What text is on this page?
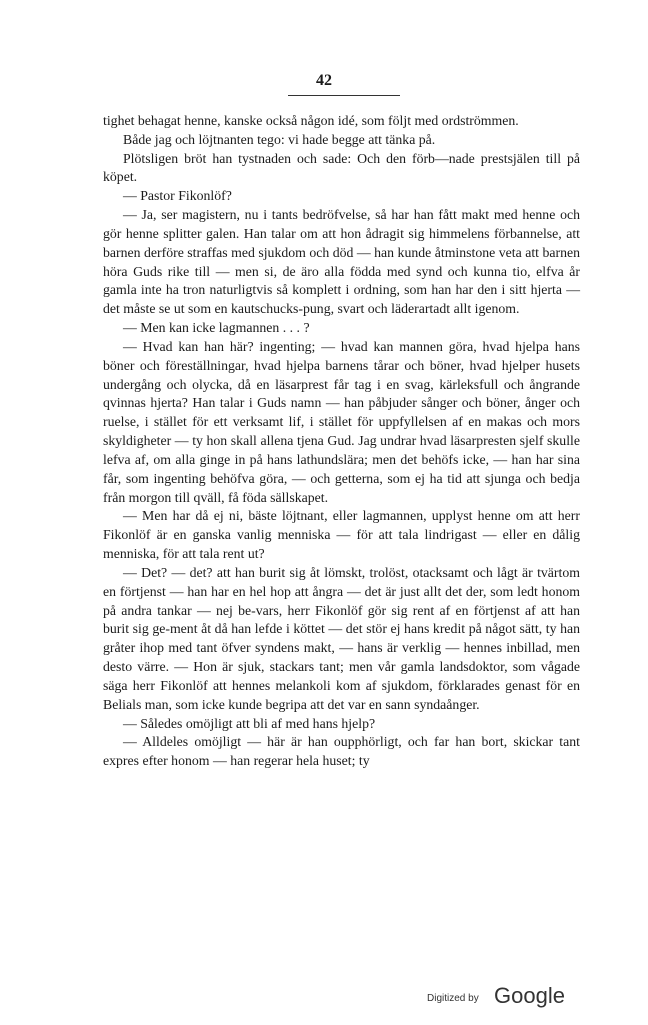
42

tighet behagat henne, kanske också någon idé, som följt med ordströmmen.

Både jag och löjtnanten tego: vi hade begge att tänka på.

Plötsligen bröt han tystnaden och sade: Och den förb—nade prestsjälen till på köpet.

— Pastor Fikonlöf?

— Ja, ser magistern, nu i tants bedröfvelse, så har han fått makt med henne och gör henne splitter galen. Han talar om att hon ådragit sig himmelens förbannelse, att barnen derföre straffas med sjukdom och död — han kunde åtminstone veta att barnen höra Guds rike till — men si, de äro alla födda med synd och kunna tio, elfva år gamla inte ha tron naturligtvis så komplett i ordning, som han har den i sitt hjerta — det måste se ut som en kautschucks-pung, svart och läderartadt allt igenom.

— Men kan icke lagmannen . . . ?

— Hvad kan han här? ingenting; — hvad kan mannen göra, hvad hjelpa hans böner och föreställningar, hvad hjelpa barnens tårar och böner, hvad hjelper husets undergång och olycka, då en läsarprest får tag i en svag, kärleksfull och ångrande qvinnas hjerta? Han talar i Guds namn — han påbjuder sånger och böner, ånger och ruelse, i stället för ett verksamt lif, i stället för uppfyllelsen af en makas och mors skyldigheter — ty hon skall allena tjena Gud. Jag undrar hvad läsarpresten sjelf skulle lefva af, om alla ginge in på hans lathundslära; men det behöfs icke, — han har sina får, som ingenting behöfva göra, — och getterna, som ej ha tid att sjunga och bedja från morgon till qväll, få föda sällskapet.

— Men har då ej ni, bäste löjtnant, eller lagmannen, upplyst henne om att herr Fikonlöf är en ganska vanlig menniska — för att tala lindrigast — eller en dålig menniska, för att tala rent ut?

— Det? — det? att han burit sig åt lömskt, trolöst, otacksamt och lågt är tvärtom en förtjenst — han har en hel hop att ångra — det är just allt det der, som ledt honom på andra tankar — nej be-vars, herr Fikonlöf gör sig rent af en förtjenst af att han burit sig ge-ment åt då han lefde i köttet — det stör ej hans kredit på något sätt, ty han gråter ihop med tant öfver syndens makt, — hans är verklig — hennes inbillad, men desto värre. — Hon är sjuk, stackars tant; men vår gamla landsdoktor, som vågade säga herr Fikonlöf att hennes melankoli kom af sjukdom, förklarades genast för en Belials man, som icke kunde begripa att det var en sann syndaånger.

— Således omöjligt att bli af med hans hjelp?

— Alldeles omöjligt — här är han oupphörligt, och far han bort, skickar tant expres efter honom — han regerar hela huset; ty

Digitized by Google
